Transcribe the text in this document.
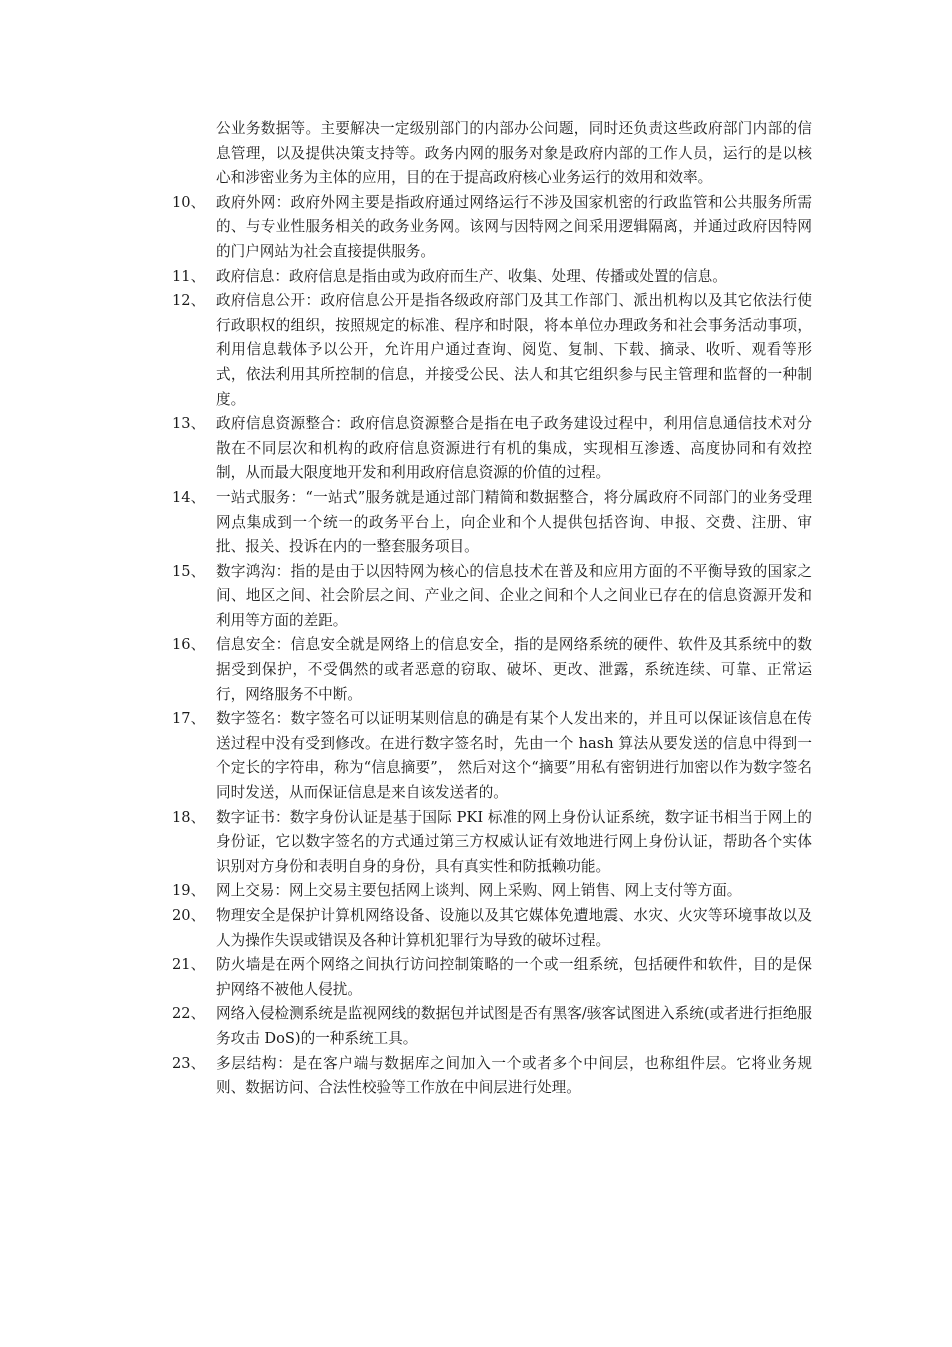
公业务数据等。主要解决一定级别部门的内部办公问题，同时还负责这些政府部门内部的信息管理，以及提供决策支持等。政务内网的服务对象是政府内部的工作人员，运行的是以核心和涉密业务为主体的应用，目的在于提高政府核心业务运行的效用和效率。
10、 政府外网：政府外网主要是指政府通过网络运行不涉及国家机密的行政监管和公共服务所需的、与专业性服务相关的政务业务网。该网与因特网之间采用逻辑隔离，并通过政府因特网的门户网站为社会直接提供服务。
11、 政府信息：政府信息是指由或为政府而生产、收集、处理、传播或处置的信息。
12、 政府信息公开：政府信息公开是指各级政府部门及其工作部门、派出机构以及其它依法行使行政职权的组织，按照规定的标准、程序和时限，将本单位办理政务和社会事务活动事项，利用信息载体予以公开，允许用户通过查询、阅览、复制、下载、摘录、收听、观看等形式，依法利用其所控制的信息，并接受公民、法人和其它组织参与民主管理和监督的一种制度。
13、 政府信息资源整合：政府信息资源整合是指在电子政务建设过程中，利用信息通信技术对分散在不同层次和机构的政府信息资源进行有机的集成，实现相互渗透、高度协同和有效控制，从而最大限度地开发和利用政府信息资源的价值的过程。
14、 一站式服务：“一站式”服务就是通过部门精简和数据整合，将分属政府不同部门的业务受理网点集成到一个统一的政务平台上，向企业和个人提供包括咨询、申报、交费、注册、审批、报关、投诉在内的一整套服务项目。
15、 数字鸿沟：指的是由于以因特网为核心的信息技术在普及和应用方面的不平衡导致的国家之间、地区之间、社会阶层之间、产业之间、企业之间和个人之间业已存在的信息资源开发和利用等方面的差距。
16、 信息安全：信息安全就是网络上的信息安全，指的是网络系统的硬件、软件及其系统中的数据受到保护，不受偶然的或者恶意的窃取、破坏、更改、泄露，系统连续、可靠、正常运行，网络服务不中断。
17、 数字签名：数字签名可以证明某则信息的确是有某个人发出来的，并且可以保证该信息在传送过程中没有受到修改。在进行数字签名时，先由一个 hash 算法从要发送的信息中得到一个定长的字符串，称为“信息摘要”， 然后对这个“摘要”用私有密钥进行加密以作为数字签名同时发送，从而保证信息是来自该发送者的。
18、 数字证书：数字身份认证是基于国际 PKI 标准的网上身份认证系统，数字证书相当于网上的身份证，它以数字签名的方式通过第三方权威认证有效地进行网上身份认证，帮助各个实体识别对方身份和表明自身的身份，具有真实性和防抵赖功能。
19、 网上交易：网上交易主要包括网上谈判、网上采购、网上销售、网上支付等方面。
20、 物理安全是保护计算机网络设备、设施以及其它媒体免遭地震、水灾、火灾等环境事故以及人为操作失误或错误及各种计算机犯罪行为导致的破坏过程。
21、 防火墙是在两个网络之间执行访问控制策略的一个或一组系统，包括硬件和软件，目的是保护网络不被他人侵扰。
22、 网络入侵检测系统是监视网线的数据包并试图是否有黑客/骇客试图进入系统(或者进行拒绝服务攻击 DoS)的一种系统工具。
23、 多层结构：是在客户端与数据库之间加入一个或者多个中间层，也称组件层。它将业务规则、数据访问、合法性校验等工作放在中间层进行处理。
